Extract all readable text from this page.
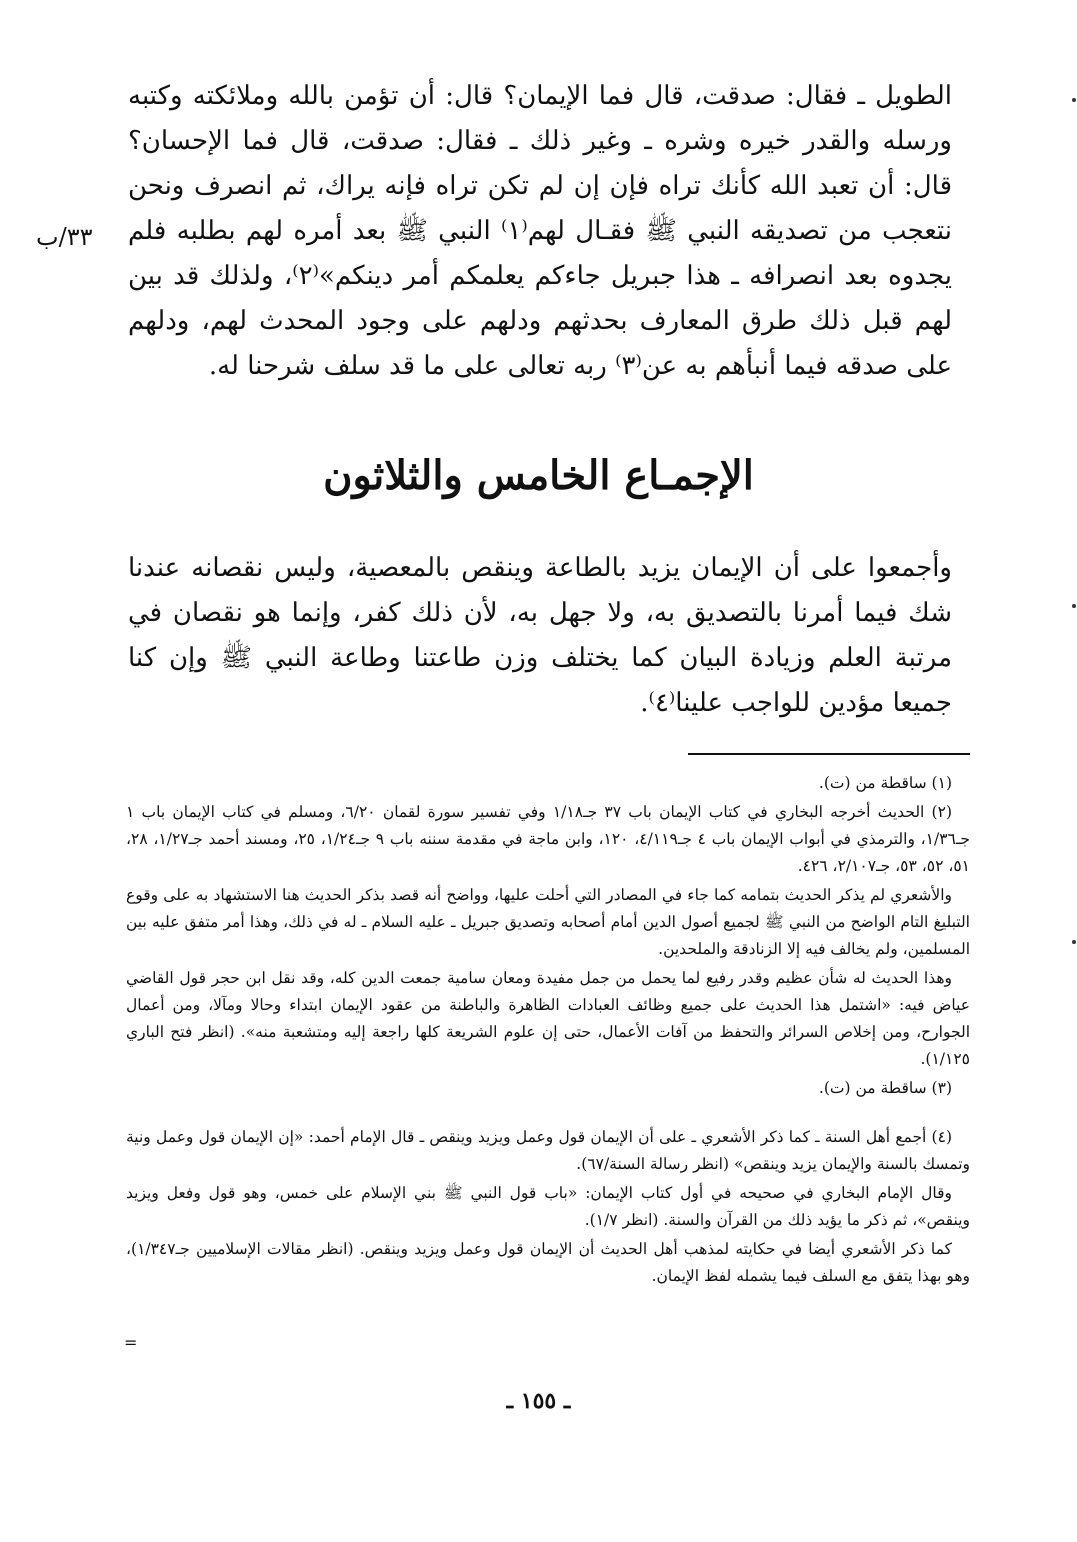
الطويل ـ فقال: صدقت، قال فما الإيمان؟ قال: أن تؤمن بالله وملائكته وكتبه ورسله والقدر خيره وشره ـ وغير ذلك ـ فقال: صدقت، قال فما الإحسان؟ قال: أن تعبد الله كأنك تراه فإن إن لم تكن تراه فإنه يراك، ثم انصرف ونحن نتعجب من تصديقه النبي ﷺ فقـال لهم⁽١⁾ النبي ﷺ بعد أمره لهم بطلبه فلم يجدوه بعد انصرافه ـ هذا جبريل جاءكم يعلمكم أمر دينكم»⁽٢⁾، ولذلك قد بين لهم قبل ذلك طرق المعارف بحدثهم ودلهم على وجود المحدث لهم، ودلهم على صدقه فيما أنبأهم به عن⁽٣⁾ ربه تعالى على ما قد سلف شرحنا له.
٣٣/ب
الإجمـاع الخامس والثلاثون
وأجمعوا على أن الإيمان يزيد بالطاعة وينقص بالمعصية، وليس نقصانه عندنا شك فيما أمرنا بالتصديق به، ولا جهل به، لأن ذلك كفر، وإنما هو نقصان في مرتبة العلم وزيادة البيان كما يختلف وزن طاعتنا وطاعة النبي ﷺ وإن كنا جميعا مؤدين للواجب علينا⁽٤⁾.
(١) ساقطة من (ت).
(٢) الحديث أخرجه البخاري في كتاب الإيمان باب ٣٧ جـ١/١٨ وفي تفسير سورة لقمان ٦/٢٠، ومسلم في كتاب الإيمان باب ١ جـ١/٣٦، والترمذي في أبواب الإيمان باب ٤ جـ٤/١١٩، ١٢٠، وابن ماجة في مقدمة سننه باب ٩ جـ١/٢٤، ٢٥، ومسند أحمد جـ١/٢٧، ٢٨، ٥١، ٥٢، ٥٣، جـ٢/١٠٧، ٤٢٦.
والأشعري لم يذكر الحديث بتمامه كما جاء في المصادر التي أحلت عليها، وواضح أنه قصد بذكر الحديث هنا الاستشهاد به على وقوع التبليغ التام الواضح من النبي ﷺ لجميع أصول الدين أمام أصحابه وتصديق جبريل ـ عليه السلام ـ له في ذلك، وهذا أمر متفق عليه بين المسلمين، ولم يخالف فيه إلا الزنادقة والملحدين.
وهذا الحديث له شأن عظيم وقدر رفيع لما يحمل من جمل مفيدة ومعان سامية جمعت الدين كله، وقد نقل ابن حجر قول القاضي عياض فيه: «اشتمل هذا الحديث على جميع وظائف العبادات الظاهرة والباطنة من عقود الإيمان ابتداء وحالا ومآلا، ومن أعمال الجوارح، ومن إخلاص السرائر والتحفظ من آفات الأعمال، حتى إن علوم الشريعة كلها راجعة إليه ومتشعبة منه». (انظر فتح الباري ١/١٢٥).
(٣) ساقطة من (ت).
(٤) أجمع أهل السنة ـ كما ذكر الأشعري ـ على أن الإيمان قول وعمل ويزيد وينقص ـ قال الإمام أحمد: «إن الإيمان قول وعمل ونية وتمسك بالسنة والإيمان يزيد وينقص» (انظر رسالة السنة/٦٧).
وقال الإمام البخاري في صحيحه في أول كتاب الإيمان: «باب قول النبي ﷺ بني الإسلام على خمس، وهو قول وفعل ويزيد وينقص»، ثم ذكر ما يؤيد ذلك من القرآن والسنة. (انظر ١/٧).
كما ذكر الأشعري أيضا في حكايته لمذهب أهل الحديث أن الإيمان قول وعمل ويزيد وينقص. (انظر مقالات الإسلاميين جـ١/٣٤٧)، وهو بهذا يتفق مع السلف فيما يشمله لفظ الإيمان.
=
ـ ١٥٥ ـ
